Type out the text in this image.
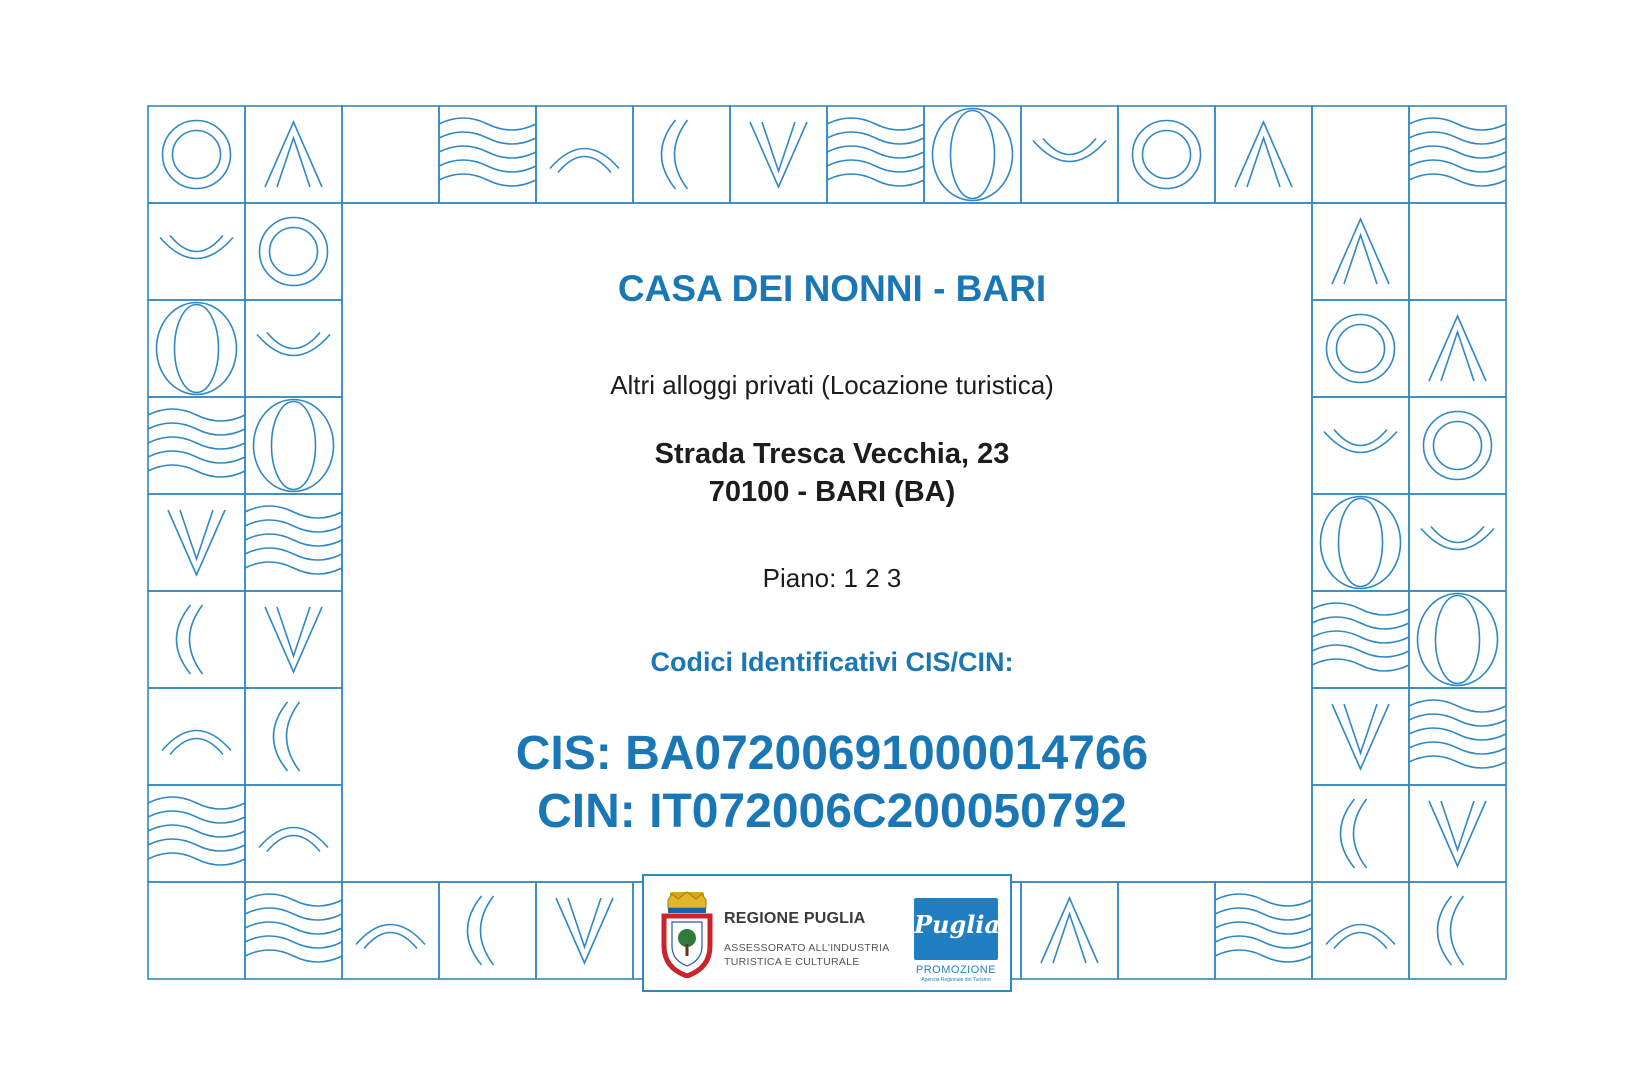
CASA DEI NONNI - BARI
Altri alloggi privati (Locazione turistica)
Strada Tresca Vecchia, 23
70100 - BARI (BA)
Piano: 1 2 3
Codici Identificativi CIS/CIN:
CIS: BA07200691000014766
CIN: IT072006C200050792
REGIONE PUGLIA
ASSESSORATO ALL'INDUSTRIA
TURISTICA E CULTURALE
Puglia
PROMOZIONE
Agenzia Regionale del Turismo
